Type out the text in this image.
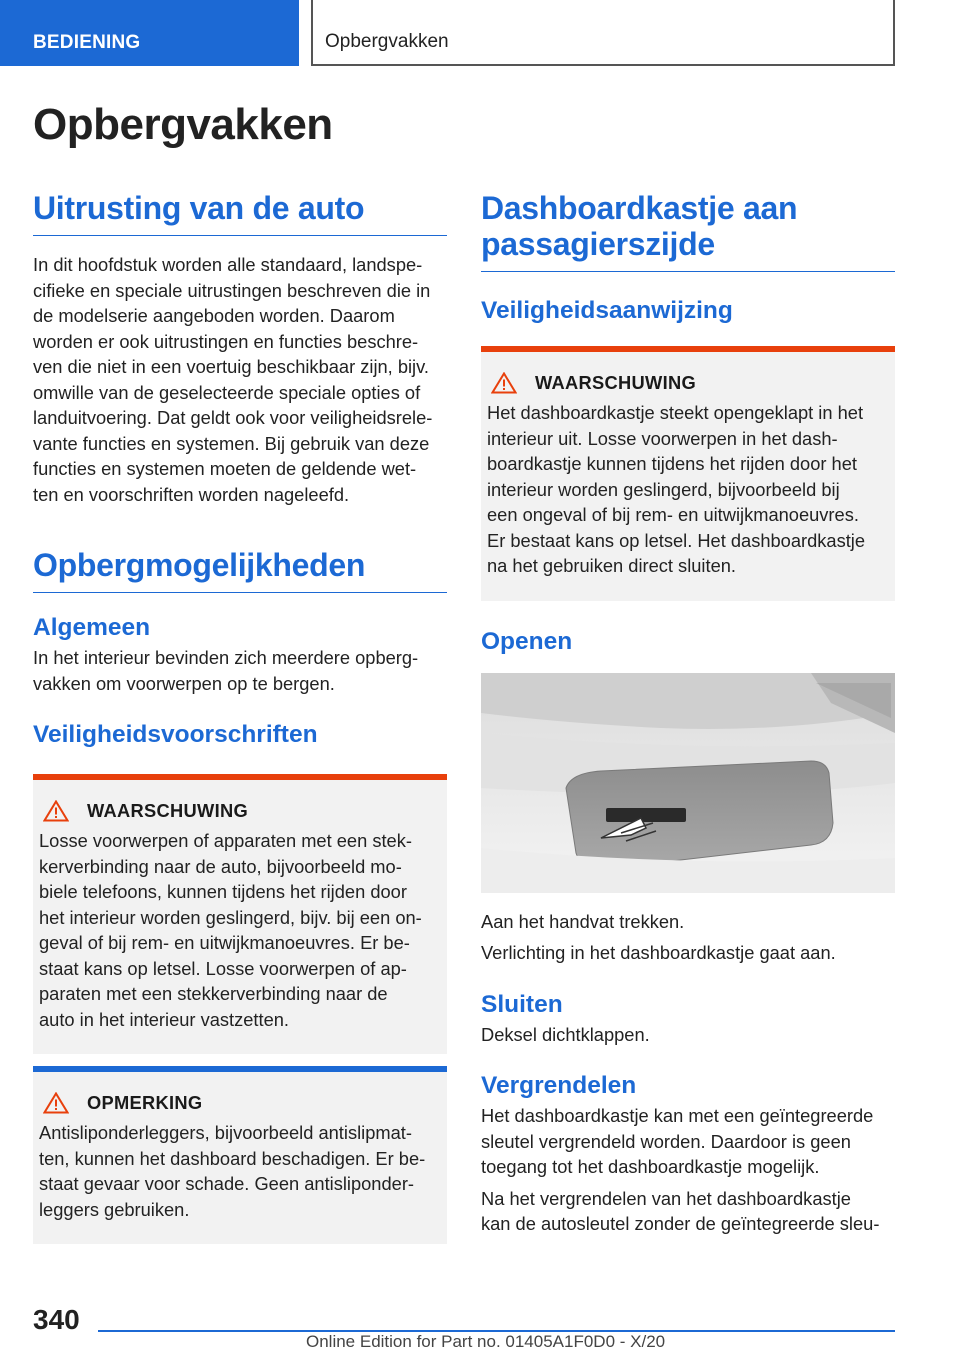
BEDIENING	Opbergvakken
Opbergvakken
Uitrusting van de auto
In dit hoofdstuk worden alle standaard, landspe-
cifieke en speciale uitrustingen beschreven die in
de modelserie aangeboden worden. Daarom
worden er ook uitrustingen en functies beschre-
ven die niet in een voertuig beschikbaar zijn, bijv.
omwille van de geselecteerde speciale opties of
landuitvoering. Dat geldt ook voor veiligheidsrele-
vante functies en systemen. Bij gebruik van deze
functies en systemen moeten de geldende wet-
ten en voorschriften worden nageleefd.
Opbergmogelijkheden
Algemeen
In het interieur bevinden zich meerdere opberg-
vakken om voorwerpen op te bergen.
Veiligheidsvoorschriften
WAARSCHUWING
Losse voorwerpen of apparaten met een stek-
kerverbinding naar de auto, bijvoorbeeld mo-
biele telefoons, kunnen tijdens het rijden door
het interieur worden geslingerd, bijv. bij een on-
geval of bij rem- en uitwijkmanoeuvres. Er be-
staat kans op letsel. Losse voorwerpen of ap-
paraten met een stekkerverbinding naar de
auto in het interieur vastzetten.
OPMERKING
Antisliponderleggers, bijvoorbeeld antislipmat-
ten, kunnen het dashboard beschadigen. Er be-
staat gevaar voor schade. Geen antisliponder-
leggers gebruiken.
Dashboardkastje aan
passagierszijde
Veiligheidsaanwijzing
WAARSCHUWING
Het dashboardkastje steekt opengeklapt in het
interieur uit. Losse voorwerpen in het dash-
boardkastje kunnen tijdens het rijden door het
interieur worden geslingerd, bijvoorbeeld bij
een ongeval of bij rem- en uitwijkmanoeuvres.
Er bestaat kans op letsel. Het dashboardkastje
na het gebruiken direct sluiten.
Openen
Aan het handvat trekken.
Verlichting in het dashboardkastje gaat aan.
Sluiten
Deksel dichtklappen.
Vergrendelen
Het dashboardkastje kan met een geïntegreerde
sleutel vergrendeld worden. Daardoor is geen
toegang tot het dashboardkastje mogelijk.
Na het vergrendelen van het dashboardkastje
kan de autosleutel zonder de geïntegreerde sleu-
340
Online Edition for Part no. 01405A1F0D0 - X/20
